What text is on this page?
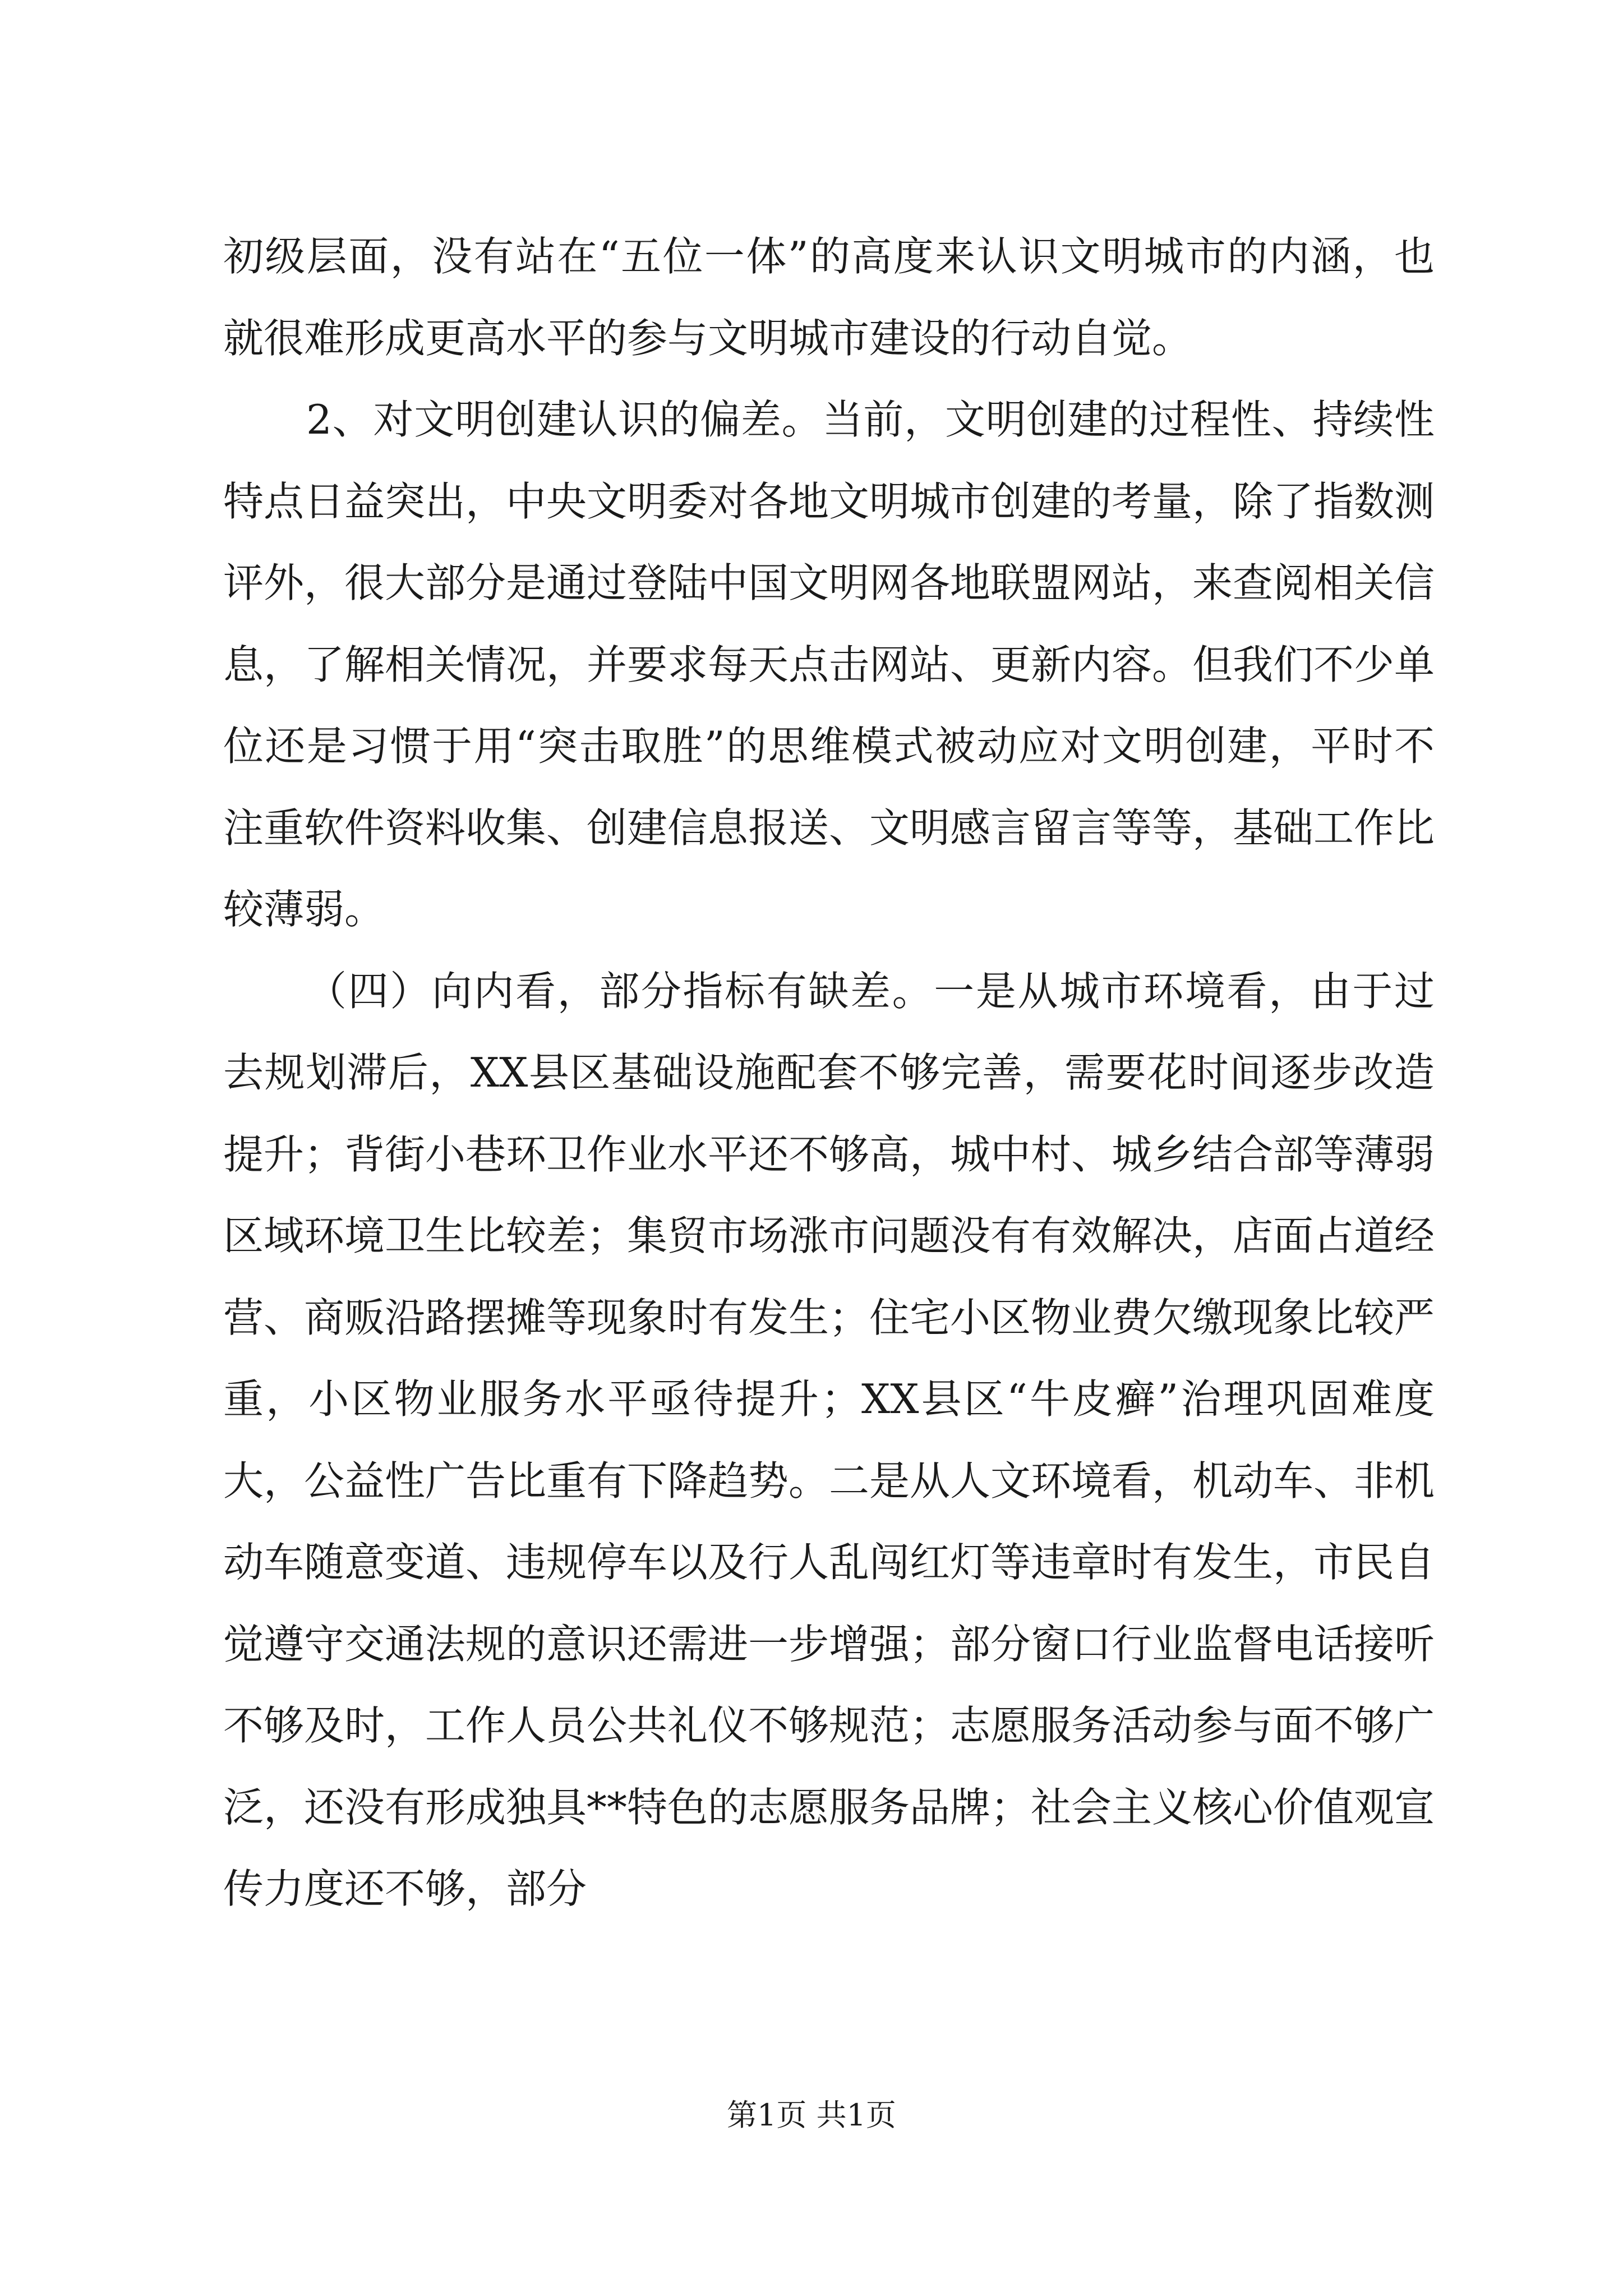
初级层面，没有站在“五位一体”的高度来认识文明城市的内涵，也就很难形成更高水平的参与文明城市建设的行动自觉。

2、对文明创建认识的偏差。当前，文明创建的过程性、持续性特点日益突出，中央文明委对各地文明城市创建的考量，除了指数测评外，很大部分是通过登陆中国文明网各地联盟网站，来查阅相关信息，了解相关情况，并要求每天点击网站、更新内容。但我们不少单位还是习惯于用“突击取胜”的思维模式被动应对文明创建，平时不注重软件资料收集、创建信息报送、文明感言留言等等，基础工作比较薄弱。

（四）向内看，部分指标有缺差。一是从城市环境看，由于过去规划滞后，XX县区基础设施配套不够完善，需要花时间逐步改造提升；背街小巷环卫作业水平还不够高，城中村、城乡结合部等薄弱区域环境卫生比较差；集贸市场涨市问题没有有效解决，店面占道经营、商贩沿路摆摊等现象时有发生；住宅小区物业费欠缴现象比较严重，小区物业服务水平亟待提升；XX县区“牛皮癣”治理巩固难度大，公益性广告比重有下降趋势。二是从人文环境看，机动车、非机动车随意变道、违规停车以及行人乱闯红灯等违章时有发生，市民自觉遵守交通法规的意识还需进一步增强；部分窗口行业监督电话接听不够及时，工作人员公共礼仪不够规范；志愿服务活动参与面不够广泛，还没有形成独具**特色的志愿服务品牌；社会主义核心价值观宣传力度还不够，部分

第1页 共1页
